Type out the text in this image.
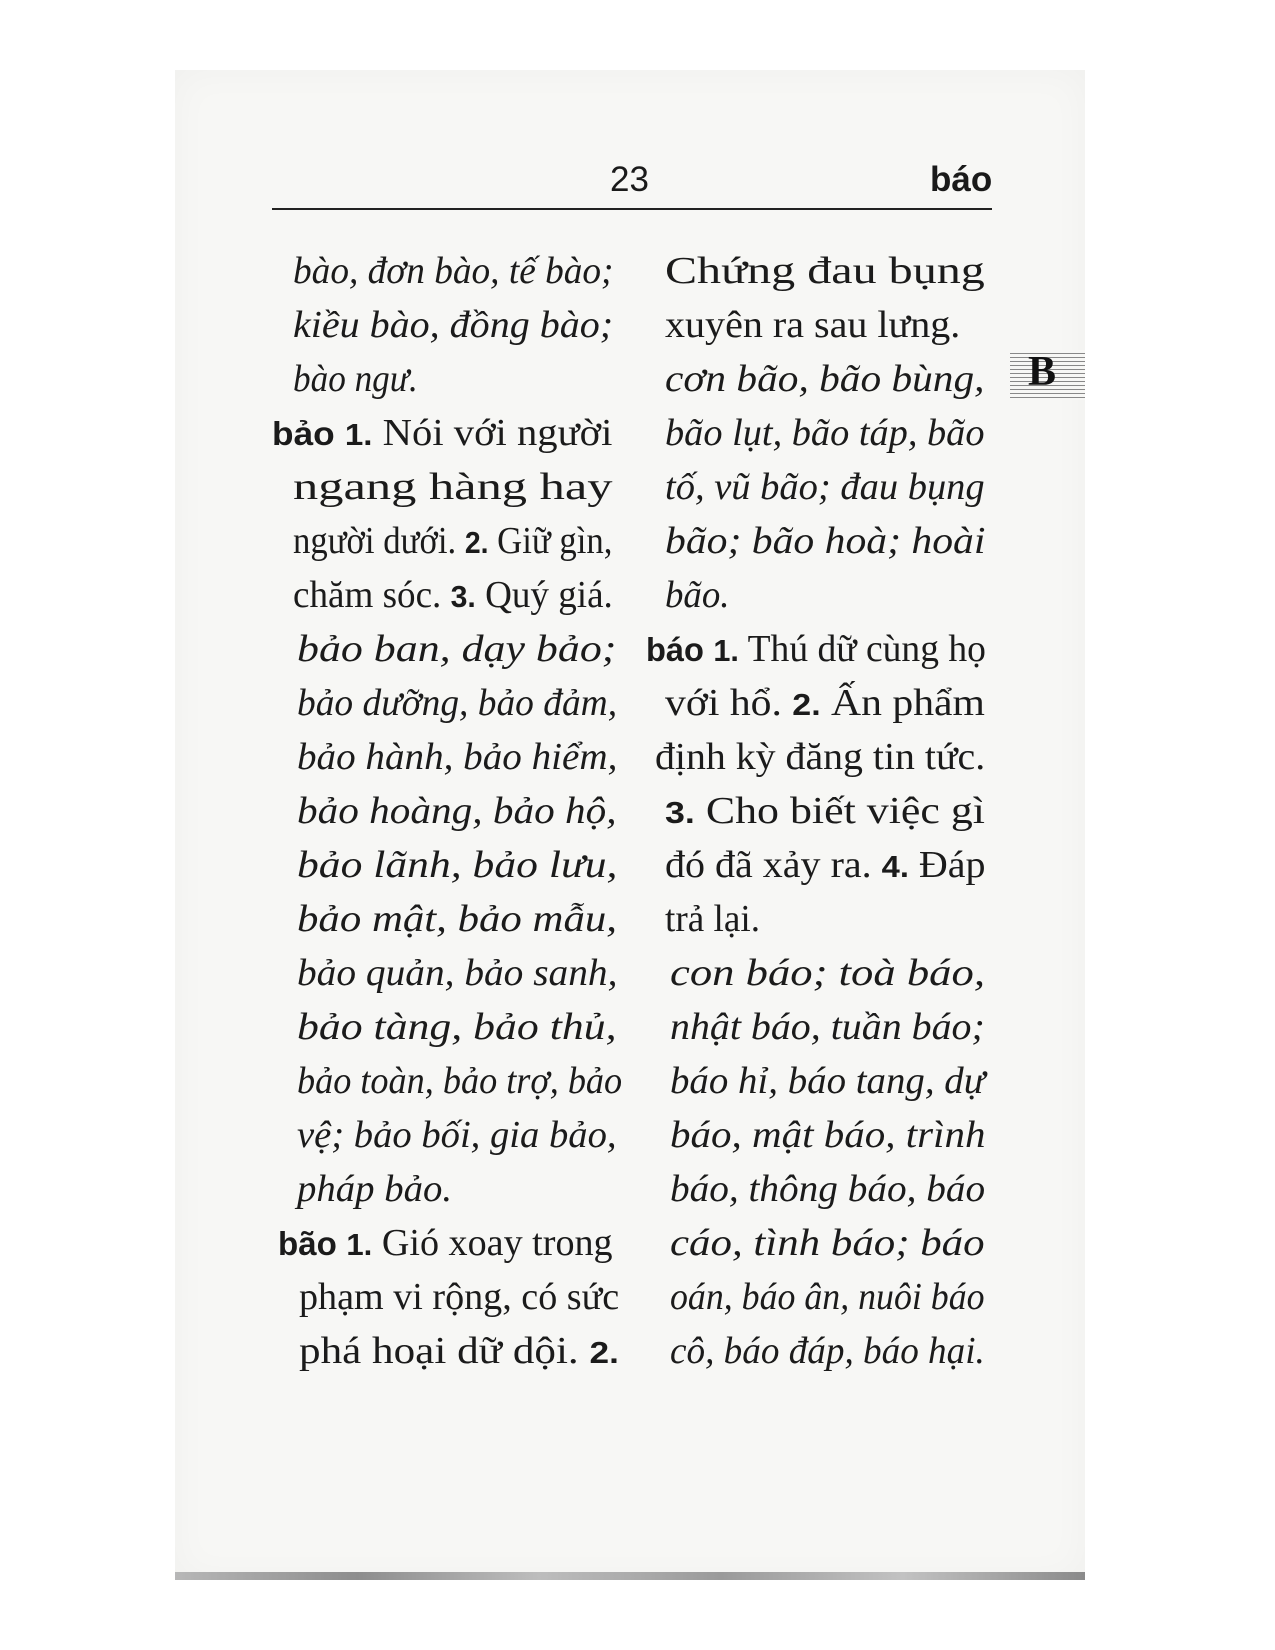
23	báo
B
bào, đơn bào, tế bào;
kiều bào, đồng bào;
bào ngư.
bảo 1. Nói với người
ngang hàng hay
người dưới. 2. Giữ gìn,
chăm sóc. 3. Quý giá.
bảo ban, dạy bảo;
bảo dưỡng, bảo đảm,
bảo hành, bảo hiểm,
bảo hoàng, bảo hộ,
bảo lãnh, bảo lưu,
bảo mật, bảo mẫu,
bảo quản, bảo sanh,
bảo tàng, bảo thủ,
bảo toàn, bảo trợ, bảo
vệ; bảo bối, gia bảo,
pháp bảo.
bão 1. Gió xoay trong
phạm vi rộng, có sức
phá hoại dữ dội. 2.
Chứng đau bụng
xuyên ra sau lưng.
cơn bão, bão bùng,
bão lụt, bão táp, bão
tố, vũ bão; đau bụng
bão; bão hoà; hoài
bão.
báo 1. Thú dữ cùng họ
với hổ. 2. Ấn phẩm
định kỳ đăng tin tức.
3. Cho biết việc gì
đó đã xảy ra. 4. Đáp
trả lại.
con báo; toà báo,
nhật báo, tuần báo;
báo hỉ, báo tang, dự
báo, mật báo, trình
báo, thông báo, báo
cáo, tình báo; báo
oán, báo ân, nuôi báo
cô, báo đáp, báo hại.
